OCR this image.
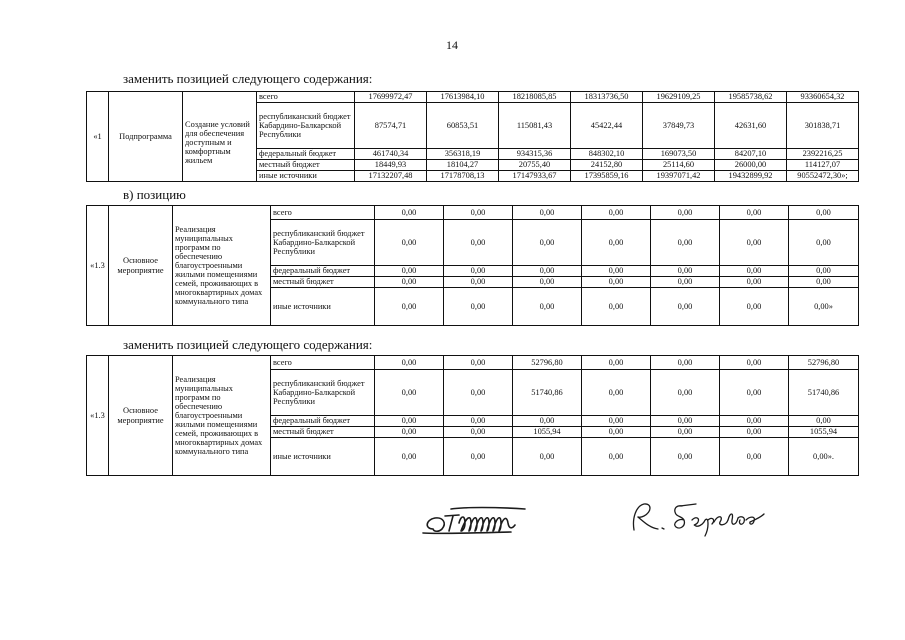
14
заменить позицией следующего содержания:
«1	Подпрограмма	Создание условий для обеспечения доступным и комфортным жильем	всего	17699972,47	17613984,10	18218085,85	18313736,50	19629109,25	19585738,62	93360654,32
			республиканский бюджет Кабардино-Балкарской Республики	87574,71	60853,51	115081,43	45422,44	37849,73	42631,60	301838,71
			федеральный бюджет	461740,34	356318,19	934315,36	848302,10	169073,50	84207,10	2392216,25
			местный бюджет	18449,93	18104,27	20755,40	24152,80	25114,60	26000,00	114127,07
			иные источники	17132207,48	17178708,13	17147933,67	17395859,16	19397071,42	19432899,92	90552472,30»;
в) позицию
«1.3	Основное мероприятие	Реализация муниципальных программ по обеспечению благоустроенными жилыми помещениями семей, проживающих в многоквартирных домах коммунального типа	всего	0,00	0,00	0,00	0,00	0,00	0,00	0,00
			республиканский бюджет Кабардино-Балкарской Республики	0,00	0,00	0,00	0,00	0,00	0,00	0,00
			федеральный бюджет	0,00	0,00	0,00	0,00	0,00	0,00	0,00
			местный бюджет	0,00	0,00	0,00	0,00	0,00	0,00	0,00
			иные источники	0,00	0,00	0,00	0,00	0,00	0,00	0,00»
заменить позицией следующего содержания:
«1.3	Основное мероприятие	Реализация муниципальных программ по обеспечению благоустроенными жилыми помещениями семей, проживающих в многоквартирных домах коммунального типа	всего	0,00	0,00	52796,80	0,00	0,00	0,00	52796,80
			республиканский бюджет Кабардино-Балкарской Республики	0,00	0,00	51740,86	0,00	0,00	0,00	51740,86
			федеральный бюджет	0,00	0,00	0,00	0,00	0,00	0,00	0,00
			местный бюджет	0,00	0,00	1055,94	0,00	0,00	0,00	1055,94
			иные источники	0,00	0,00	0,00	0,00	0,00	0,00	0,00».
